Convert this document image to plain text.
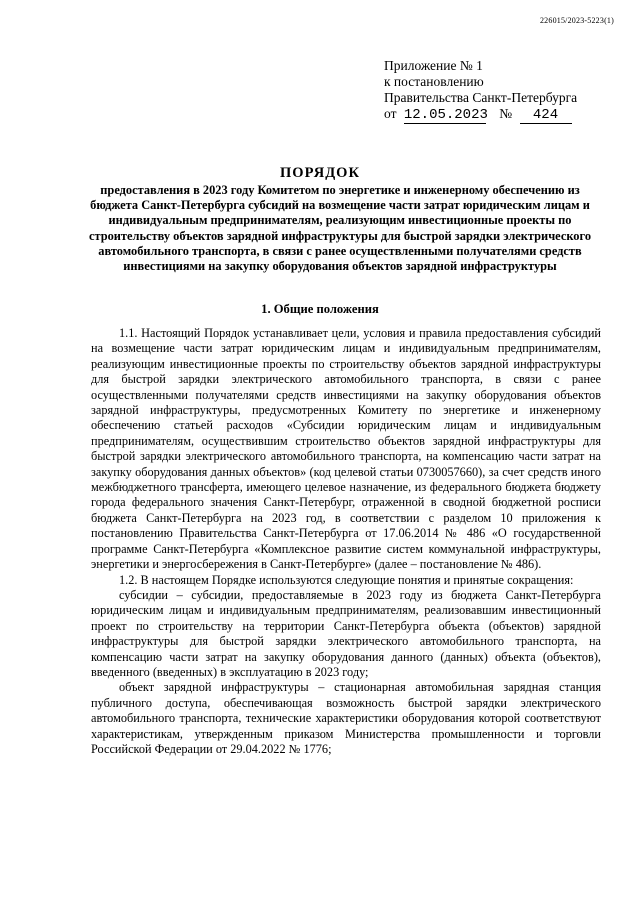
226015/2023-5223(1)
Приложение № 1
к постановлению
Правительства Санкт-Петербурга
от 12.05.2023 № 424
ПОРЯДОК
предоставления в 2023 году Комитетом по энергетике и инженерному обеспечению из бюджета Санкт-Петербурга субсидий на возмещение части затрат юридическим лицам и индивидуальным предпринимателям, реализующим инвестиционные проекты по строительству объектов зарядной инфраструктуры для быстрой зарядки электрического автомобильного транспорта, в связи с ранее осуществленными получателями средств инвестициями на закупку оборудования объектов зарядной инфраструктуры
1. Общие положения

1.1. Настоящий Порядок устанавливает цели, условия и правила предоставления субсидий на возмещение части затрат юридическим лицам и индивидуальным предпринимателям, реализующим инвестиционные проекты по строительству объектов зарядной инфраструктуры для быстрой зарядки электрического автомобильного транспорта, в связи с ранее осуществленными получателями средств инвестициями на закупку оборудования объектов зарядной инфраструктуры, предусмотренных Комитету по энергетике и инженерному обеспечению статьей расходов «Субсидии юридическим лицам и индивидуальным предпринимателям, осуществившим строительство объектов зарядной инфраструктуры для быстрой зарядки электрического автомобильного транспорта, на компенсацию части затрат на закупку оборудования данных объектов» (код целевой статьи 0730057660), за счет средств иного межбюджетного трансферта, имеющего целевое назначение, из федерального бюджета бюджету города федерального значения Санкт-Петербург, отраженной в сводной бюджетной росписи бюджета Санкт-Петербурга на 2023 год, в соответствии с разделом 10 приложения к постановлению Правительства Санкт-Петербурга от 17.06.2014 № 486 «О государственной программе Санкт-Петербурга «Комплексное развитие систем коммунальной инфраструктуры, энергетики и энергосбережения в Санкт-Петербурге» (далее – постановление № 486).

1.2. В настоящем Порядке используются следующие понятия и принятые сокращения:

субсидии – субсидии, предоставляемые в 2023 году из бюджета Санкт-Петербурга юридическим лицам и индивидуальным предпринимателям, реализовавшим инвестиционный проект по строительству на территории Санкт-Петербурга объекта (объектов) зарядной инфраструктуры для быстрой зарядки электрического автомобильного транспорта, на компенсацию части затрат на закупку оборудования данного (данных) объекта (объектов), введенного (введенных) в эксплуатацию в 2023 году;

объект зарядной инфраструктуры – стационарная автомобильная зарядная станция публичного доступа, обеспечивающая возможность быстрой зарядки электрического автомобильного транспорта, технические характеристики оборудования которой соответствуют характеристикам, утвержденным приказом Министерства промышленности и торговли Российской Федерации от 29.04.2022 № 1776;
